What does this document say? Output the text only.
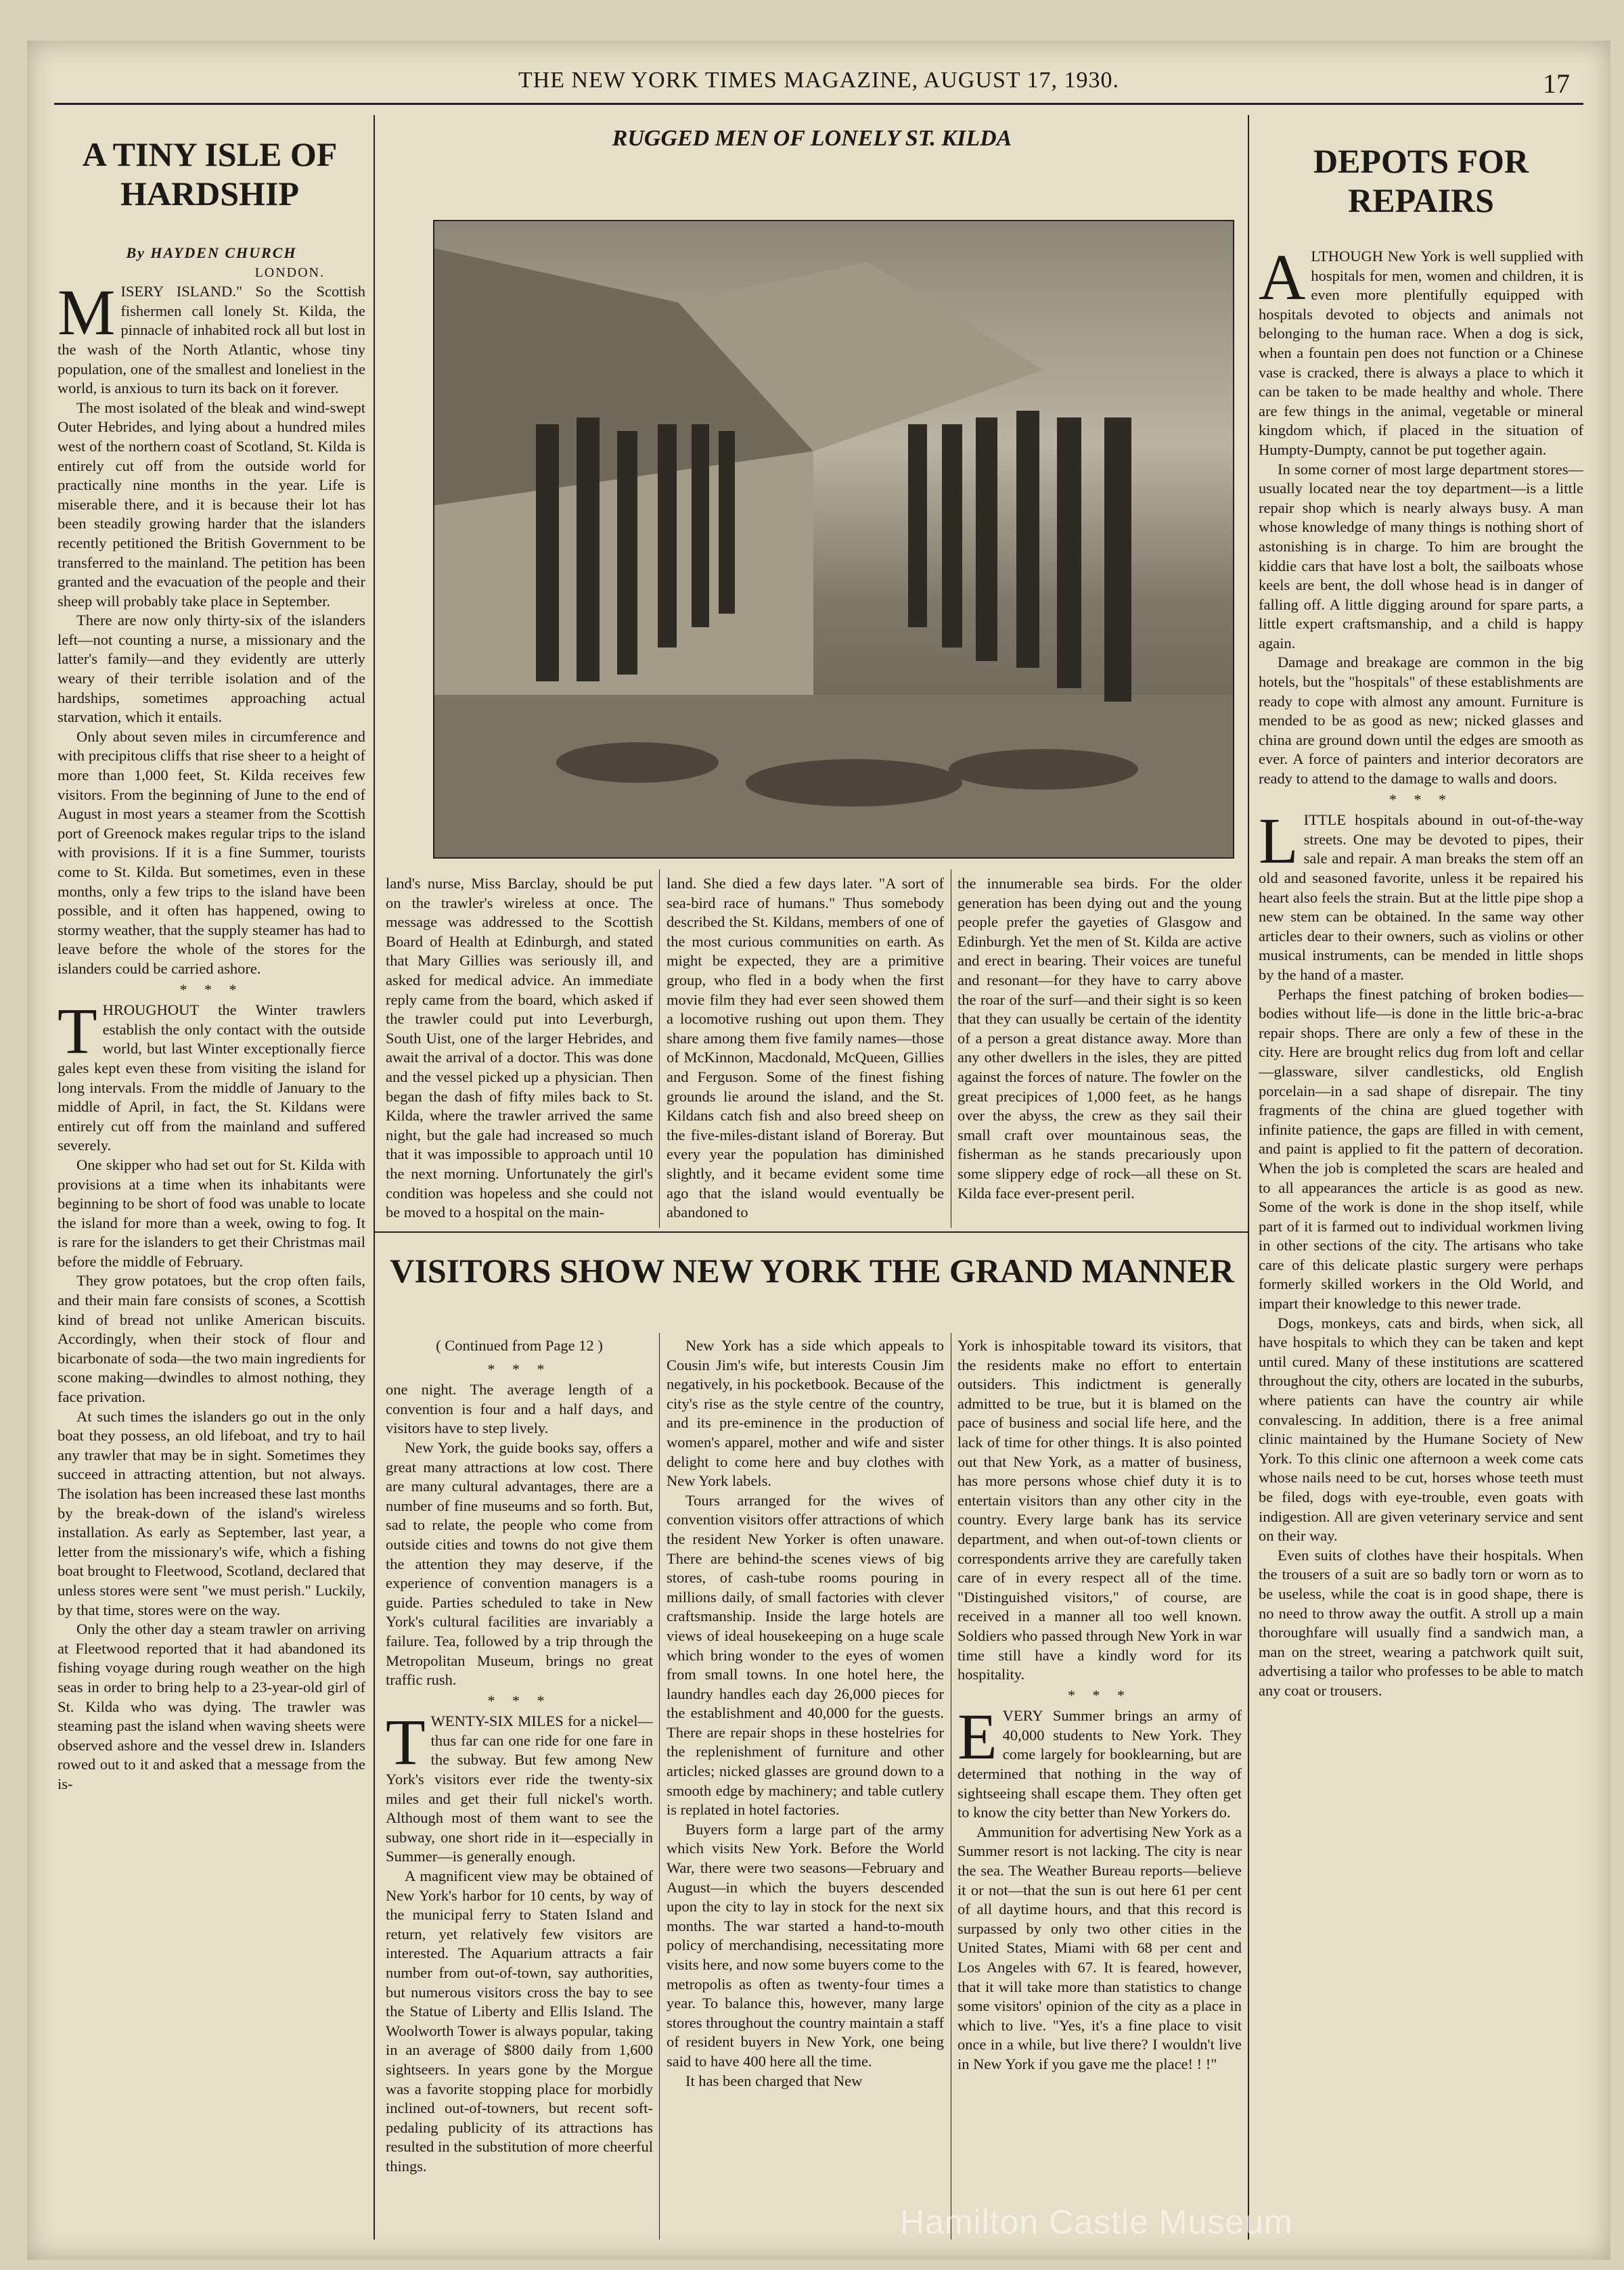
THE NEW YORK TIMES MAGAZINE, AUGUST 17, 1930.	17
A TINY ISLE OF HARDSHIP
By HAYDEN CHURCH
LONDON.

MISERY ISLAND." So the Scottish fishermen call lonely St. Kilda, the pinnacle of inhabited rock all but lost in the wash of the North Atlantic, whose tiny population, one of the smallest and loneliest in the world, is anxious to turn its back on it forever.

The most isolated of the bleak and wind-swept Outer Hebrides, and lying about a hundred miles west of the northern coast of Scotland, St. Kilda is entirely cut off from the outside world for practically nine months in the year. Life is miserable there, and it is because their lot has been steadily growing harder that the islanders recently petitioned the British Government to be transferred to the mainland. The petition has been granted and the evacuation of the people and their sheep will probably take place in September.

There are now only thirty-six of the islanders left—not counting a nurse, a missionary and the latter's family—and they evidently are utterly weary of their terrible isolation and of the hardships, sometimes approaching actual starvation, which it entails.

Only about seven miles in circumference and with precipitous cliffs that rise sheer to a height of more than 1,000 feet, St. Kilda receives few visitors. From the beginning of June to the end of August in most years a steamer from the Scottish port of Greenock makes regular trips to the island with provisions. If it is a fine Summer, tourists come to St. Kilda. But sometimes, even in these months, only a few trips to the island have been possible, and it often has happened, owing to stormy weather, that the supply steamer has had to leave before the whole of the stores for the islanders could be carried ashore.

* * *

THROUGHOUT the Winter trawlers establish the only contact with the outside world, but last Winter exceptionally fierce gales kept even these from visiting the island for long intervals. From the middle of January to the middle of April, in fact, the St. Kildans were entirely cut off from the mainland and suffered severely.

One skipper who had set out for St. Kilda with provisions at a time when its inhabitants were beginning to be short of food was unable to locate the island for more than a week, owing to fog. It is rare for the islanders to get their Christmas mail before the middle of February.

They grow potatoes, but the crop often fails, and their main fare consists of scones, a Scottish kind of bread not unlike American biscuits. Accordingly, when their stock of flour and bicarbonate of soda—the two main ingredients for scone making—dwindles to almost nothing, they face privation.

At such times the islanders go out in the only boat they possess, an old lifeboat, and try to hail any trawler that may be in sight. Sometimes they succeed in attracting attention, but not always. The isolation has been increased these last months by the break-down of the island's wireless installation. As early as September, last year, a letter from the missionary's wife, which a fishing boat brought to Fleetwood, Scotland, declared that unless stores were sent "we must perish." Luckily, by that time, stores were on the way.

Only the other day a steam trawler on arriving at Fleetwood reported that it had abandoned its fishing voyage during rough weather on the high seas in order to bring help to a 23-year-old girl of St. Kilda who was dying. The trawler was steaming past the island when waving sheets were observed ashore and the vessel drew in. Islanders rowed out to it and asked that a message from the is-

RUGGED MEN OF LONELY ST. KILDA
land's nurse, Miss Barclay, should be put on the trawler's wireless at once. The message was addressed to the Scottish Board of Health at Edinburgh, and stated that Mary Gillies was seriously ill, and asked for medical advice. An immediate reply came from the board, which asked if the trawler could put into Leverburgh, South Uist, one of the larger Hebrides, and await the arrival of a doctor. This was done and the vessel picked up a physician. Then began the dash of fifty miles back to St. Kilda, where the trawler arrived the same night, but the gale had increased so much that it was impossible to approach until 10 the next morning. Unfortunately the girl's condition was hopeless and she could not be moved to a hospital on the main-
land. She died a few days later. "A sort of sea-bird race of humans." Thus somebody described the St. Kildans, members of one of the most curious communities on earth. As might be expected, they are a primitive group, who fled in a body when the first movie film they had ever seen showed them a locomotive rushing out upon them. They share among them five family names—those of McKinnon, Macdonald, McQueen, Gillies and Ferguson. Some of the finest fishing grounds lie around the island, and the St. Kildans catch fish and also breed sheep on the five-miles-distant island of Boreray. But every year the population has diminished slightly, and it became evident some time ago that the island would eventually be abandoned to
the innumerable sea birds. For the older generation has been dying out and the young people prefer the gayeties of Glasgow and Edinburgh. Yet the men of St. Kilda are active and erect in bearing. Their voices are tuneful and resonant—for they have to carry above the roar of the surf—and their sight is so keen that they can usually be certain of the identity of a person a great distance away. More than any other dwellers in the isles, they are pitted against the forces of nature. The fowler on the great precipices of 1,000 feet, as he hangs over the abyss, the crew as they sail their small craft over mountainous seas, the fisherman as he stands precariously upon some slippery edge of rock—all these on St. Kilda face ever-present peril.
VISITORS SHOW NEW YORK THE GRAND MANNER
( Continued from Page 12 )
* * *

one night. The average length of a convention is four and a half days, and visitors have to step lively.

New York, the guide books say, offers a great many attractions at low cost. There are many cultural advantages, there are a number of fine museums and so forth. But, sad to relate, the people who come from outside cities and towns do not give them the attention they may deserve, if the experience of convention managers is a guide. Parties scheduled to take in New York's cultural facilities are invariably a failure. Tea, followed by a trip through the Metropolitan Museum, brings no great traffic rush.

* * *

TWENTY-SIX MILES for a nickel—thus far can one ride for one fare in the subway. But few among New York's visitors ever ride the twenty-six miles and get their full nickel's worth. Although most of them want to see the subway, one short ride in it—especially in Summer—is generally enough.

A magnificent view may be obtained of New York's harbor for 10 cents, by way of the municipal ferry to Staten Island and return, yet relatively few visitors are interested. The Aquarium attracts a fair number from out-of-town, say authorities, but numerous visitors cross the bay to see the Statue of Liberty and Ellis Island. The Woolworth Tower is always popular, taking in an average of $800 daily from 1,600 sightseers. In years gone by the Morgue was a favorite stopping place for morbidly inclined out-of-towners, but recent soft-pedaling publicity of its attractions has resulted in the substitution of more cheerful things.

New York has a side which appeals to Cousin Jim's wife, but interests Cousin Jim negatively, in his pocketbook. Because of the city's rise as the style centre of the country, and its pre-eminence in the production of women's apparel, mother and wife and sister delight to come here and buy clothes with New York labels.

Tours arranged for the wives of convention visitors offer attractions of which the resident New Yorker is often unaware. There are behind-the scenes views of big stores, of cash-tube rooms pouring in millions daily, of small factories with clever craftsmanship. Inside the large hotels are views of ideal housekeeping on a huge scale which bring wonder to the eyes of women from small towns. In one hotel here, the laundry handles each day 26,000 pieces for the establishment and 40,000 for the guests. There are repair shops in these hostelries for the replenishment of furniture and other articles; nicked glasses are ground down to a smooth edge by machinery; and table cutlery is replated in hotel factories.

Buyers form a large part of the army which visits New York. Before the World War, there were two seasons—February and August—in which the buyers descended upon the city to lay in stock for the next six months. The war started a hand-to-mouth policy of merchandising, necessitating more visits here, and now some buyers come to the metropolis as often as twenty-four times a year. To balance this, however, many large stores throughout the country maintain a staff of resident buyers in New York, one being said to have 400 here all the time.

It has been charged that New

York is inhospitable toward its visitors, that the residents make no effort to entertain outsiders. This indictment is generally admitted to be true, but it is blamed on the pace of business and social life here, and the lack of time for other things. It is also pointed out that New York, as a matter of business, has more persons whose chief duty it is to entertain visitors than any other city in the country. Every large bank has its service department, and when out-of-town clients or correspondents arrive they are carefully taken care of in every respect all of the time. "Distinguished visitors," of course, are received in a manner all too well known. Soldiers who passed through New York in war time still have a kindly word for its hospitality.

* * *

EVERY Summer brings an army of 40,000 students to New York. They come largely for booklearning, but are determined that nothing in the way of sightseeing shall escape them. They often get to know the city better than New Yorkers do.

Ammunition for advertising New York as a Summer resort is not lacking. The city is near the sea. The Weather Bureau reports—believe it or not—that the sun is out here 61 per cent of all daytime hours, and that this record is surpassed by only two other cities in the United States, Miami with 68 per cent and Los Angeles with 67. It is feared, however, that it will take more than statistics to change some visitors' opinion of the city as a place in which to live. "Yes, it's a fine place to visit once in a while, but live there? I wouldn't live in New York if you gave me the place! ! !"

DEPOTS FOR REPAIRS

ALTHOUGH New York is well supplied with hospitals for men, women and children, it is even more plentifully equipped with hospitals devoted to objects and animals not belonging to the human race. When a dog is sick, when a fountain pen does not function or a Chinese vase is cracked, there is always a place to which it can be taken to be made healthy and whole. There are few things in the animal, vegetable or mineral kingdom which, if placed in the situation of Humpty-Dumpty, cannot be put together again.

In some corner of most large department stores—usually located near the toy department—is a little repair shop which is nearly always busy. A man whose knowledge of many things is nothing short of astonishing is in charge. To him are brought the kiddie cars that have lost a bolt, the sailboats whose keels are bent, the doll whose head is in danger of falling off. A little digging around for spare parts, a little expert craftsmanship, and a child is happy again.

Damage and breakage are common in the big hotels, but the "hospitals" of these establishments are ready to cope with almost any amount. Furniture is mended to be as good as new; nicked glasses and china are ground down until the edges are smooth as ever. A force of painters and interior decorators are ready to attend to the damage to walls and doors.

* * *

LITTLE hospitals abound in out-of-the-way streets. One may be devoted to pipes, their sale and repair. A man breaks the stem off an old and seasoned favorite, unless it be repaired his heart also feels the strain. But at the little pipe shop a new stem can be obtained. In the same way other articles dear to their owners, such as violins or other musical instruments, can be mended in little shops by the hand of a master.

Perhaps the finest patching of broken bodies—bodies without life—is done in the little bric-a-brac repair shops. There are only a few of these in the city. Here are brought relics dug from loft and cellar—glassware, silver candlesticks, old English porcelain—in a sad shape of disrepair. The tiny fragments of the china are glued together with infinite patience, the gaps are filled in with cement, and paint is applied to fit the pattern of decoration. When the job is completed the scars are healed and to all appearances the article is as good as new. Some of the work is done in the shop itself, while part of it is farmed out to individual workmen living in other sections of the city. The artisans who take care of this delicate plastic surgery were perhaps formerly skilled workers in the Old World, and impart their knowledge to this newer trade.

Dogs, monkeys, cats and birds, when sick, all have hospitals to which they can be taken and kept until cured. Many of these institutions are scattered throughout the city, others are located in the suburbs, where patients can have the country air while convalescing. In addition, there is a free animal clinic maintained by the Humane Society of New York. To this clinic one afternoon a week come cats whose nails need to be cut, horses whose teeth must be filed, dogs with eye-trouble, even goats with indigestion. All are given veterinary service and sent on their way.

Even suits of clothes have their hospitals. When the trousers of a suit are so badly torn or worn as to be useless, while the coat is in good shape, there is no need to throw away the outfit. A stroll up a main thoroughfare will usually find a sandwich man, a man on the street, wearing a patchwork quilt suit, advertising a tailor who professes to be able to match any coat or trousers.

Hamilton Castle Museum
